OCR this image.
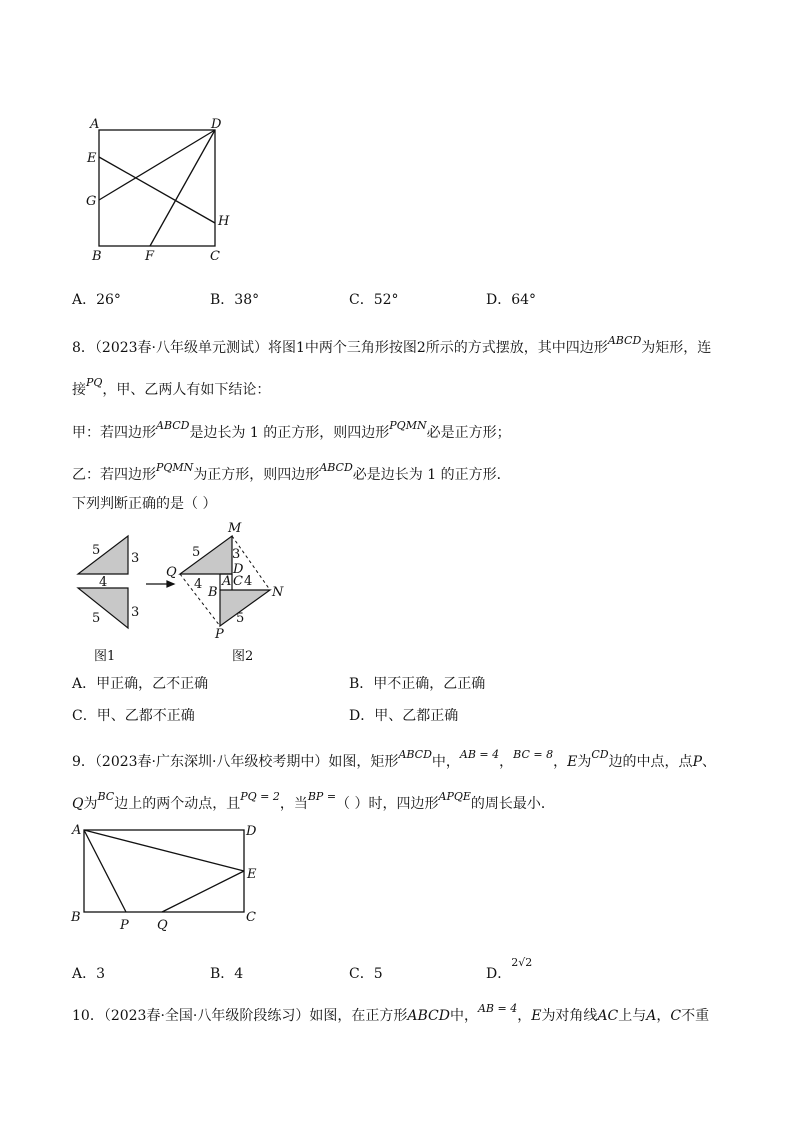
A	D
E
G
H
B	F	C
A．26°	B．38°	C．52°	D．64°
8．（2023春·八年级单元测试）将图1中两个三角形按图2所示的方式摆放，其中四边形$^{ABCD}$为矩形，连
接$^{PQ}$，甲、乙两人有如下结论：
甲：若四边形$^{ABCD}$是边长为 1 的正方形，则四边形$^{PQMN}$必是正方形；
乙：若四边形$^{PQMN}$为正方形，则四边形$^{ABCD}$必是边长为 1 的正方形．
下列判断正确的是（ ）
5
3
4
3
5
图1
M
5 3
Q	D
4 A C 4
B	N
5
P
图2
A．甲正确，乙不正确	B．甲不正确，乙正确
C．甲、乙都不正确	D．甲、乙都正确
9．（2023春·广东深圳·八年级校考期中）如图，矩形$^{ABCD}$中，$^{AB = 4}$，$^{BC = 8}$，E为$^{CD}$边的中点，点P、
Q为$^{BC}$边上的两个动点，且$^{PQ = 2}$，当$^{BP =}$（ ）时，四边形$^{APQE}$的周长最小．
A	D
E
B
P Q
C
A．3	B．4	C．5	D．$^{2√2}$
10．（2023春·全国·八年级阶段练习）如图，在正方形ABCD中，$^{AB = 4}$，E为对角线AC上与A，C不重
